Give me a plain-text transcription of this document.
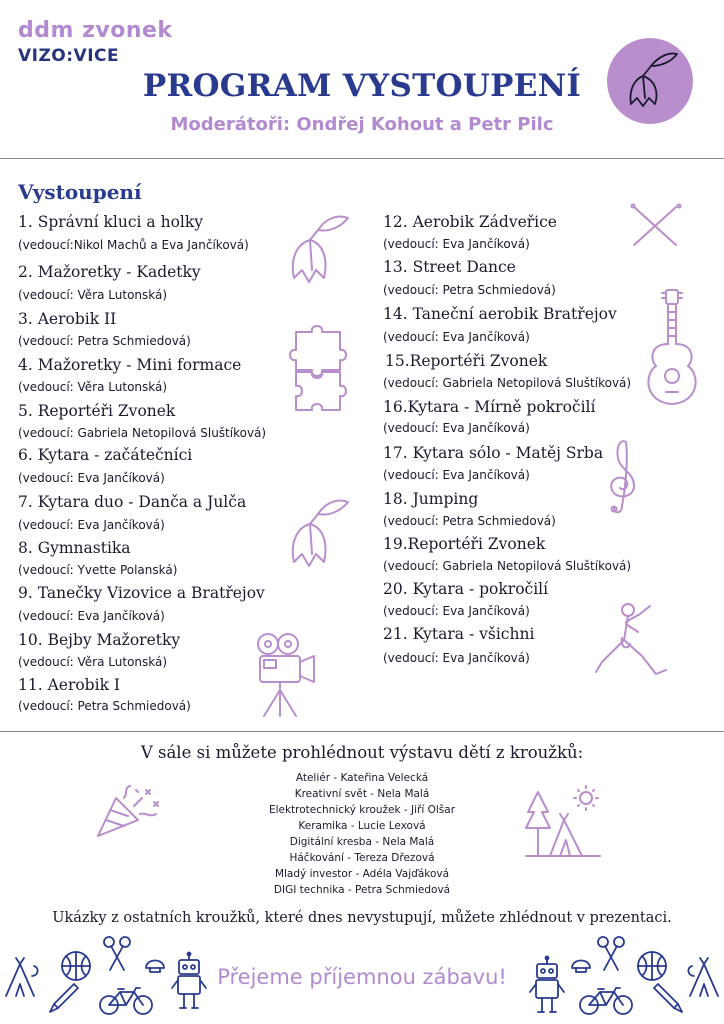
ddm zvonek
VIZO:VICE
PROGRAM VYSTOUPENÍ
Moderátoři: Ondřej Kohout a Petr Pilc
Vystoupení
1. Správní kluci a holky
(vedoucí:Nikol Machů a Eva Jančíková)
2. Mažoretky - Kadetky
(vedoucí: Věra Lutonská)
3. Aerobik II
(vedoucí: Petra Schmiedová)
4. Mažoretky - Mini formace
(vedoucí: Věra Lutonská)
5. Reportéři Zvonek
(vedoucí: Gabriela Netopilová Sluštíková)
6. Kytara - začátečníci
(vedoucí: Eva Jančíková)
7. Kytara duo - Danča a Julča
(vedoucí: Eva Jančíková)
8. Gymnastika
(vedoucí: Yvette Polanská)
9. Tanečky Vizovice a Bratřejov
(vedoucí: Eva Jančíková)
10. Bejby Mažoretky
(vedoucí: Věra Lutonská)
11. Aerobik I
(vedoucí: Petra Schmiedová)
12. Aerobik Zádveřice
(vedoucí: Eva Jančíková)
13. Street Dance
(vedoucí: Petra Schmiedová)
14. Taneční aerobik Bratřejov
(vedoucí: Eva Jančíková)
15.Reportéři Zvonek
(vedoucí: Gabriela Netopilová Sluštíková)
16.Kytara - Mírně pokročilí
(vedoucí: Eva Jančíková)
17. Kytara sólo - Matěj Srba
(vedoucí: Eva Jančíková)
18. Jumping
(vedoucí: Petra Schmiedová)
19.Reportéři Zvonek
(vedoucí: Gabriela Netopilová Sluštíková)
20. Kytara - pokročilí
(vedoucí: Eva Jančíková)
21. Kytara - všichni
(vedoucí: Eva Jančíková)
V sále si můžete prohlédnout výstavu dětí z kroužků:
Ateliér - Kateřina Velecká
Kreativní svět - Nela Malá
Elektrotechnický kroužek - Jiří Olšar
Keramika - Lucie Lexová
Digitální kresba - Nela Malá
Háčkování - Tereza Dřezová
Mladý investor - Adéla Vajďáková
DIGI technika - Petra Schmiedová
Ukázky z ostatních kroužků, které dnes nevystupují, můžete zhlédnout v prezentaci.
Přejeme příjemnou zábavu!
